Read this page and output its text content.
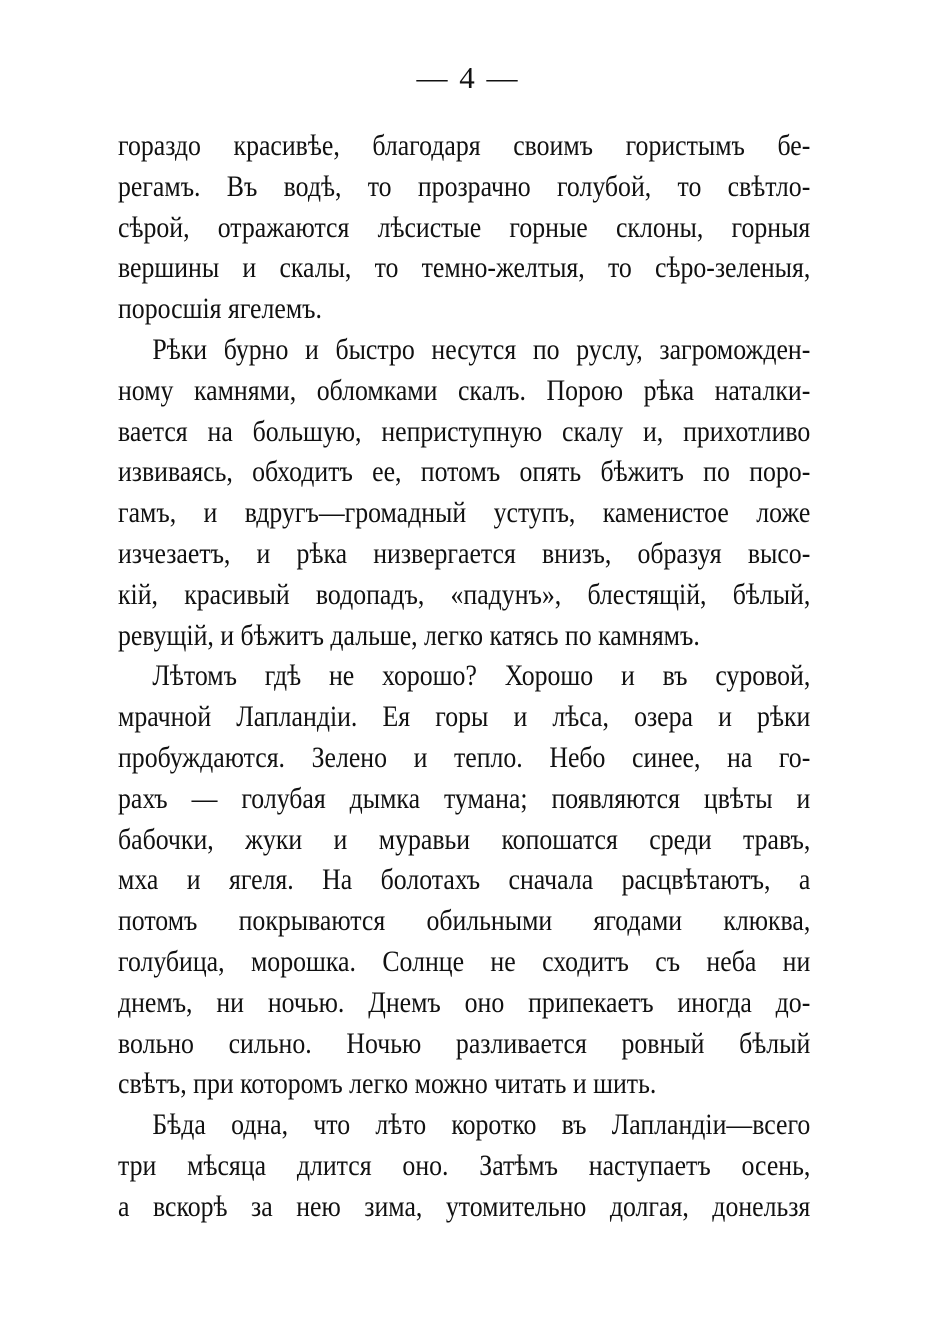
— 4 —
гораздо красивѣе, благодаря своимъ гористымъ бе-
регамъ. Въ водѣ, то прозрачно голубой, то свѣтло-
сѣрой, отражаются лѣсистые горные склоны, горныя
вершины и скалы, то темно-желтыя, то сѣро-зеленыя,
поросшія ягелемъ.
Рѣки бурно и быстро несутся по руслу, загроможден-
ному камнями, обломками скалъ. Порою рѣка наталки-
вается на большую, неприступную скалу и, прихотливо
извиваясь, обходитъ ее, потомъ опять бѣжитъ по поро-
гамъ, и вдругъ—громадный уступъ, каменистое ложе
изчезаетъ, и рѣка низвергается внизъ, образуя высо-
кій, красивый водопадъ, «падунъ», блестящій, бѣлый,
ревущій, и бѣжитъ дальше, легко катясь по камнямъ.
Лѣтомъ гдѣ не хорошо? Хорошо и въ суровой,
мрачной Лапландіи. Ея горы и лѣса, озера и рѣки
пробуждаются. Зелено и тепло. Небо синее, на го-
рахъ — голубая дымка тумана; появляются цвѣты и
бабочки, жуки и муравьи копошатся среди травъ,
мха и ягеля. На болотахъ сначала расцвѣтаютъ, а
потомъ покрываются обильными ягодами клюква,
голубица, морошка. Солнце не сходитъ съ неба ни
днемъ, ни ночью. Днемъ оно припекаетъ иногда до-
вольно сильно. Ночью разливается ровный бѣлый
свѣтъ, при которомъ легко можно читать и шить.
Бѣда одна, что лѣто коротко въ Лапландіи—всего
три мѣсяца длится оно. Затѣмъ наступаетъ осень,
а вскорѣ за нею зима, утомительно долгая, донельзя
